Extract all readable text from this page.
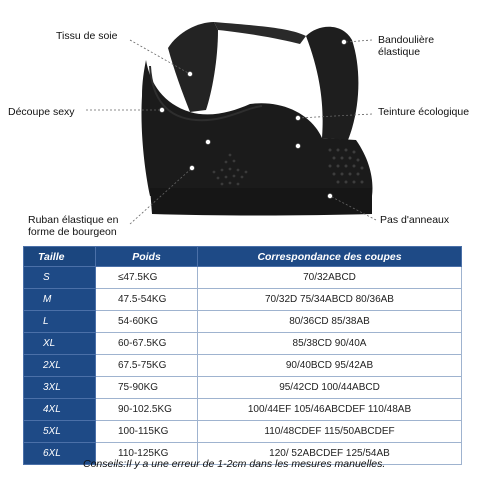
Tissu de soie
Découpe sexy
Ruban élastique en forme de bourgeon
Bandoulière élastique
Teinture écologique
Pas d'anneaux
Taille	Poids	Correspondance des coupes
S	≤47.5KG	70/32ABCD
M	47.5-54KG	70/32D 75/34ABCD 80/36AB
L	54-60KG	80/36CD 85/38AB
XL	60-67.5KG	85/38CD 90/40A
2XL	67.5-75KG	90/40BCD 95/42AB
3XL	75-90KG	95/42CD 100/44ABCD
4XL	90-102.5KG	100/44EF 105/46ABCDEF 110/48AB
5XL	100-115KG	110/48CDEF 115/50ABCDEF
6XL	110-125KG	120/ 52ABCDEF 125/54AB
Conseils:Il y a une erreur de 1-2cm dans les mesures manuelles.
